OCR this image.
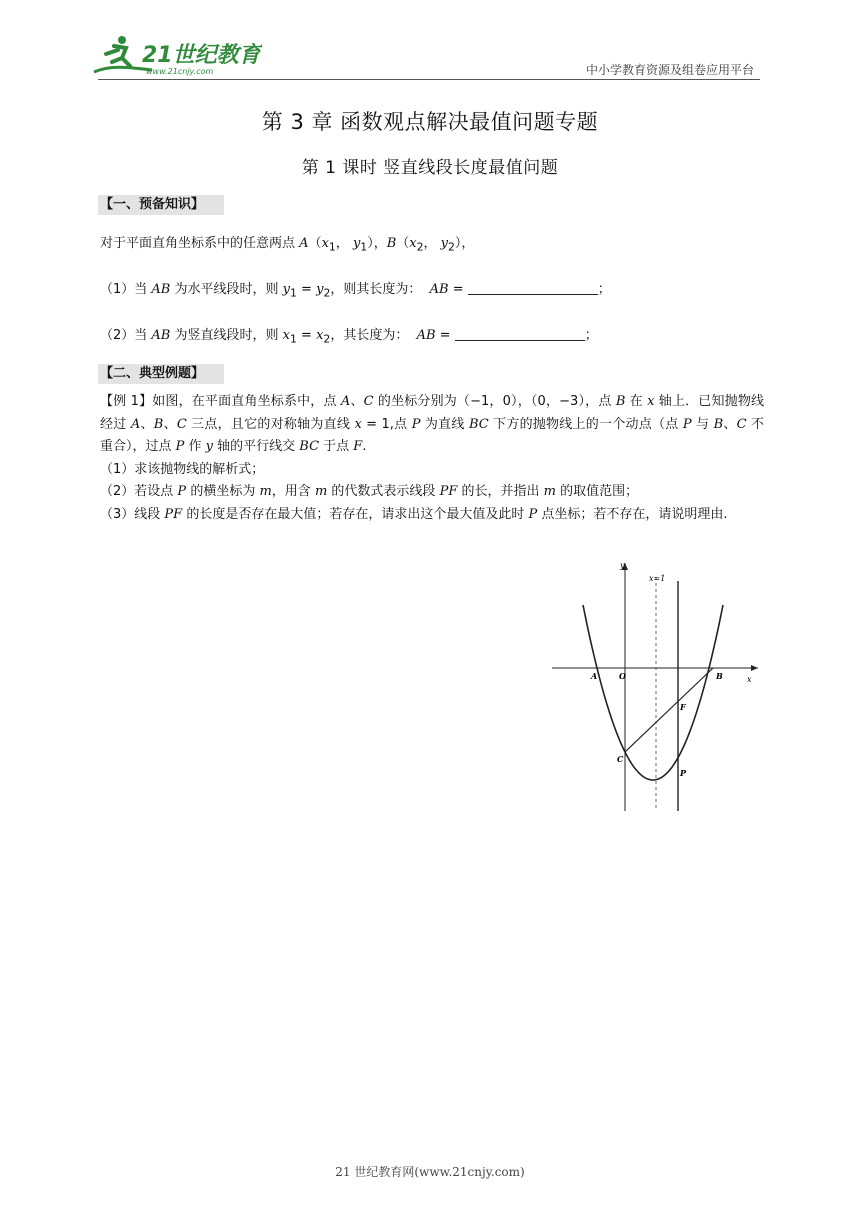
21世纪教育
www.21cnjy.com	中小学教育资源及组卷应用平台
第 3 章 函数观点解决最值问题专题
第 1 课时 竖直线段长度最值问题
【一、预备知识】
对于平面直角坐标系中的任意两点 $A(x_1$， $y_1$），$B(x_2$， $y_2$），
（1）当 AB 为水平线段时，则 $y_1 = y_2$，则其长度为： AB =	；
（2）当 AB 为竖直线段时，则 $x_1 = x_2$，其长度为： AB =	；
【二、典型例题】
【例 1】如图，在平面直角坐标系中，点 A、C 的坐标分别为（−1，0），（0，−3），点 B 在 x 轴上．已知抛物线经过 A、B、C 三点，且它的对称轴为直线 x = 1,点 P 为直线 BC 下方的抛物线上的一个动点（点 P 与 B、C 不重合），过点 P 作 y 轴的平行线交 BC 于点 F.
（1）求该抛物线的解析式；
（2）若设点 P 的横坐标为 m，用含 m 的代数式表示线段 PF 的长，并指出 m 的取值范围；
（3）线段 PF 的长度是否存在最大值；若存在，请求出这个最大值及此时 P 点坐标；若不存在，请说明理由.
y
x
x=1
A	O	B
C
F
P
21 世纪教育网(www.21cnjy.com)
